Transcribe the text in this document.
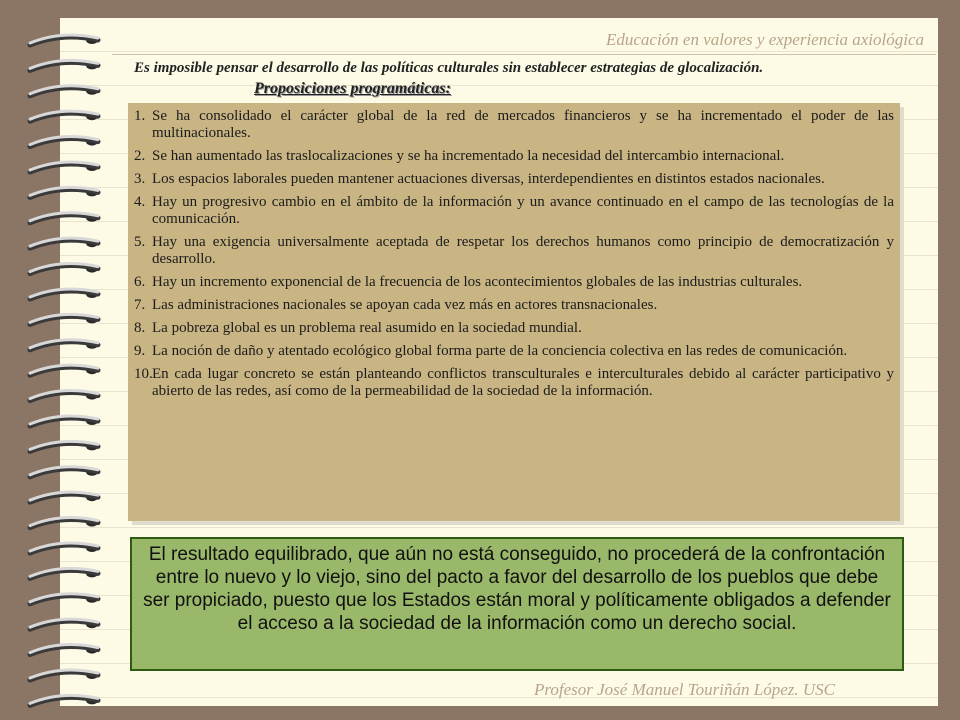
Educación en valores y experiencia axiológica
Es imposible pensar el desarrollo de las políticas culturales sin establecer estrategias de glocalización.
Proposiciones programáticas:
1. Se ha consolidado el carácter global de la red de mercados financieros y se ha incrementado el poder de las multinacionales.
2. Se han aumentado las traslocalizaciones y se ha incrementado la necesidad del intercambio internacional.
3. Los espacios laborales pueden mantener actuaciones diversas, interdependientes en distintos estados nacionales.
4. Hay un progresivo cambio en el ámbito de la información y un avance continuado en el campo de las tecnologías de la comunicación.
5. Hay una exigencia universalmente aceptada de respetar los derechos humanos como principio de democratización y desarrollo.
6. Hay un incremento exponencial de la frecuencia de los acontecimientos globales de las industrias culturales.
7. Las administraciones nacionales se apoyan cada vez más en actores transnacionales.
8. La pobreza global es un problema real asumido en la sociedad mundial.
9. La noción de daño y atentado ecológico global forma parte de la conciencia colectiva en las redes de comunicación.
10. En cada lugar concreto se están planteando conflictos transculturales e interculturales debido al carácter participativo y abierto de las redes, así como de la permeabilidad de la sociedad de la información.
El resultado equilibrado, que aún no está conseguido, no procederá de la confrontación entre lo nuevo y lo viejo, sino del pacto a favor del desarrollo de los pueblos que debe ser propiciado, puesto que los Estados están moral y políticamente obligados a defender el acceso a la sociedad de la información como un derecho social.
Profesor José Manuel Touriñán López. USC
